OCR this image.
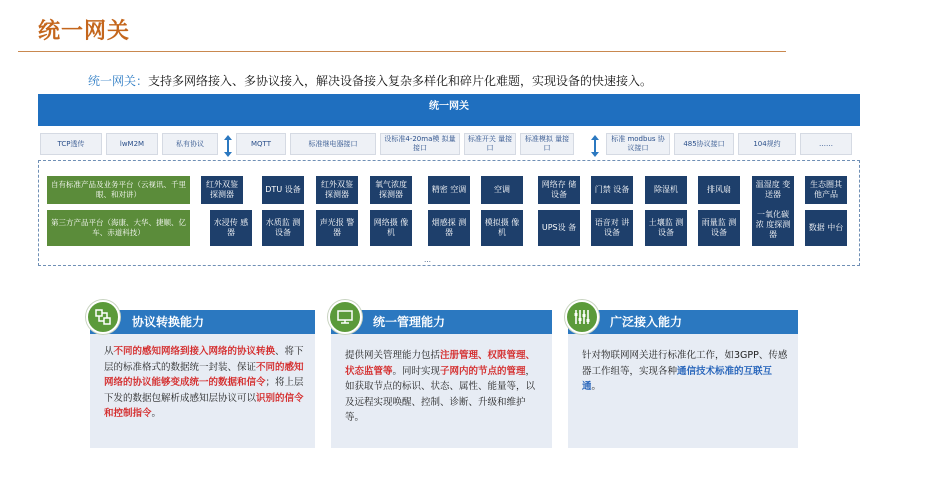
统一网关
统一网关：支持多网络接入、多协议接入，解决设备接入复杂多样化和碎片化难题，实现设备的快速接入。
统一网关
TCP透传	lwM2M	私有协议	MQTT	标准继电器接口
设标准4-20ma模 拟量接口
标准开关 量接口
标准模拟 量接口
标准 modbus 协议接口
485协议接口	104规约	……
自有标准产品及业务平台（云视讯、千里眼、和对讲）
第三方产品平台（海康、大华、捷顺、亿车、赤道科技）
红外双鉴 探测器
DTU 设备
红外双鉴 探测器
氧气浓度 探测器
精密 空调	空调
网络存 储设备
门禁 设备	除湿机	排风扇
温湿度 变送器
生态圈其 他产品
水浸传 感器
水质监 测设备
声光报 警器
网络摄 像机
烟感探 测器
模拟摄 像机
UPS设 备
语音对 讲设备
土壤监 测设备
雨量监 测设备
一氧化碳浓 度探测 器
数据 中台
…
协议转换能力
从不同的感知网络到接入网络的协议转换、将下层的标准格式的数据统一封装、保证不同的感知网络的协议能够变成统一的数据和信令；将上层下发的数据包解析成感知层协议可以识别的信令和控制指令。
统一管理能力
提供网关管理能力包括注册管理、权限管理、状态监管等。同时实现子网内的节点的管理，如获取节点的标识、状态、属性、能量等，以及远程实现唤醒、控制、诊断、升级和维护等。
广泛接入能力
针对物联网网关进行标准化工作，如3GPP、传感器工作组等，实现各种通信技术标准的互联互通。
